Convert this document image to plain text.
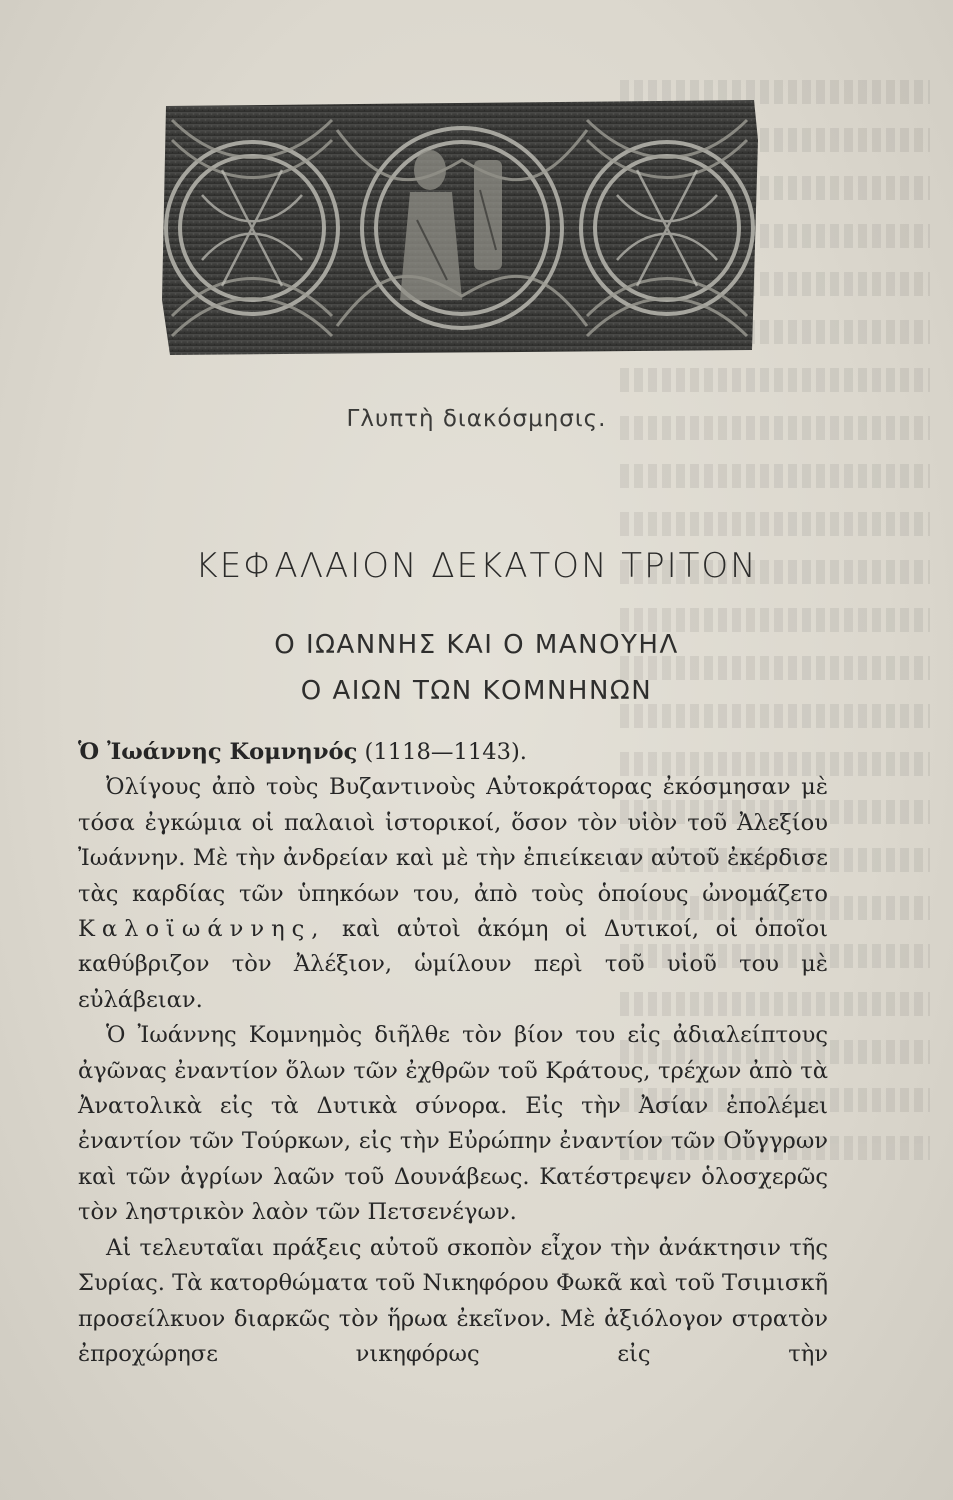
Γλυπτὴ διακόσμησις.
ΚΕΦΑΛΑΙΟΝ ΔΕΚΑΤΟΝ ΤΡΙΤΟΝ
Ο ΙΩΑΝΝΗΣ ΚΑΙ Ο ΜΑΝΟΥΗΛ
Ο ΑΙΩΝ ΤΩΝ ΚΟΜΝΗΝΩΝ

Ὁ Ἰωάννης Κομνηνός (1118—1143).

Ὀλίγους ἀπὸ τοὺς Βυζαντινοὺς Αὐτοκράτορας ἐκόσμησαν μὲ τόσα ἐγκώμια οἱ παλαιοὶ ἱστορικοί, ὅσον τὸν υἱὸν τοῦ Ἀλεξίου Ἰωάννην. Μὲ τὴν ἀνδρείαν καὶ μὲ τὴν ἐπιείκειαν αὐτοῦ ἐκέρδισε τὰς καρδίας τῶν ὑπηκόων του, ἀπὸ τοὺς ὁποίους ὠνομάζετο Καλοϊωάννης, καὶ αὐτοὶ ἀκόμη οἱ Δυτικοί, οἱ ὁποῖοι καθύβριζον τὸν Ἀλέξιον, ὡμίλουν περὶ τοῦ υἱοῦ του μὲ εὐλάβειαν.

Ὁ Ἰωάννης Κομνημὸς διῆλθε τὸν βίον του εἰς ἀδιαλείπτους ἀγῶνας ἐναντίον ὅλων τῶν ἐχθρῶν τοῦ Κράτους, τρέχων ἀπὸ τὰ Ἀνατολικὰ εἰς τὰ Δυτικὰ σύνορα. Εἰς τὴν Ἀσίαν ἐπολέμει ἐναντίον τῶν Τούρκων, εἰς τὴν Εὐρώπην ἐναντίον τῶν Οὔγγρων καὶ τῶν ἀγρίων λαῶν τοῦ Δουνάβεως. Κατέστρεψεν ὁλοσχερῶς τὸν ληστρικὸν λαὸν τῶν Πετσενέγων.

Αἱ τελευταῖαι πράξεις αὐτοῦ σκοπὸν εἶχον τὴν ἀνάκτησιν τῆς Συρίας. Τὰ κατορθώματα τοῦ Νικηφόρου Φωκᾶ καὶ τοῦ Τσιμισκῆ προσείλκυον διαρκῶς τὸν ἥρωα ἐκεῖνον. Μὲ ἀξιόλογον στρατὸν ἐπροχώρησε νικηφόρως εἰς τὴν
